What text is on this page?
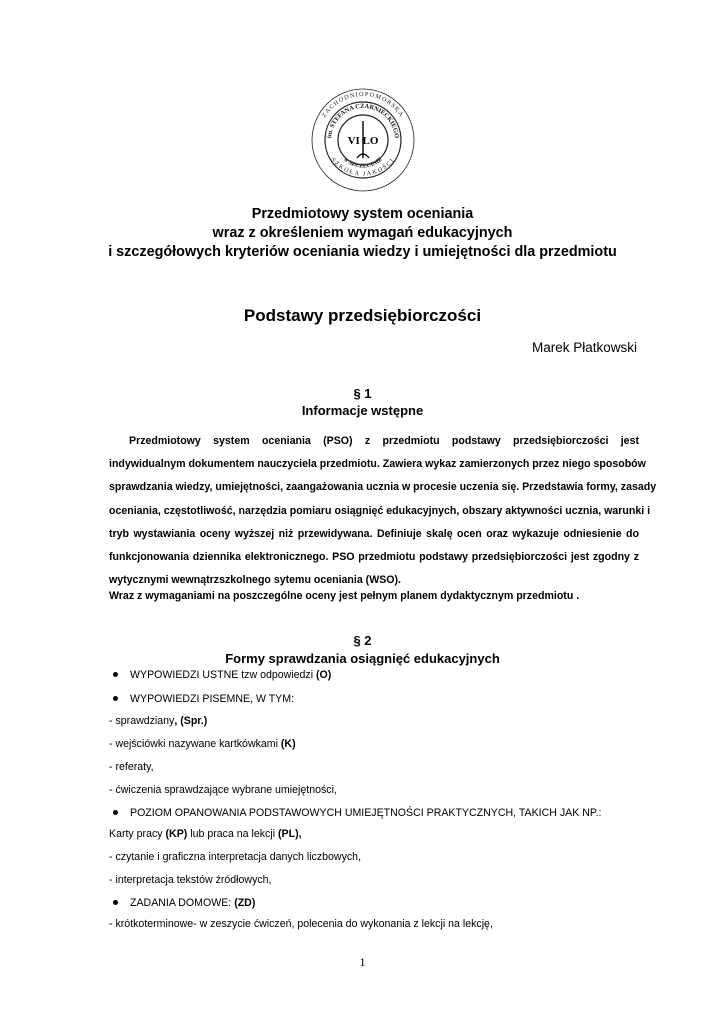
ZACHODNIOPOMORSKA
SZKOŁA JAKOŚCI
im. STEFANA CZARNIECKIEGO
w SZCZECINIE
VI LO
Przedmiotowy system oceniania
wraz z określeniem wymagań edukacyjnych
i szczegółowych kryteriów oceniania wiedzy i umiejętności dla przedmiotu
Podstawy przedsiębiorczości
Marek Płatkowski
§ 1
Informacje wstępne
Przedmiotowy system oceniania (PSO) z przedmiotu podstawy przedsiębiorczości jest
indywidualnym dokumentem nauczyciela przedmiotu. Zawiera wykaz zamierzonych przez niego sposobów
sprawdzania wiedzy, umiejętności, zaangażowania ucznia w procesie uczenia się. Przedstawia formy, zasady
oceniania, częstotliwość, narzędzia pomiaru osiągnięć edukacyjnych, obszary aktywności ucznia, warunki i
tryb wystawiania oceny wyższej niż przewidywana. Definiuje skalę ocen oraz wykazuje odniesienie do
funkcjonowania dziennika elektronicznego. PSO przedmiotu podstawy przedsiębiorczości jest zgodny z
wytycznymi wewnątrzszkolnego sytemu oceniania (WSO).
Wraz z wymaganiami na poszczególne oceny jest pełnym planem dydaktycznym przedmiotu .
§ 2
Formy sprawdzania osiągnięć edukacyjnych
WYPOWIEDZI USTNE tzw odpowiedzi (O)
WYPOWIEDZI PISEMNE, W TYM:
- sprawdziany, (Spr.)
- wejściówki nazywane kartkówkami (K)
- referaty,
- ćwiczenia sprawdzające wybrane umiejętności,
POZIOM OPANOWANIA PODSTAWOWYCH UMIEJĘTNOŚCI PRAKTYCZNYCH, TAKICH JAK NP.:
Karty pracy (KP) lub praca na lekcji (PL),
- czytanie i graficzna interpretacja danych liczbowych,
- interpretacja tekstów źródłowych,
ZADANIA DOMOWE: (ZD)
- krótkoterminowe- w zeszycie ćwiczeń, polecenia do wykonania z lekcji na lekcję,
1
